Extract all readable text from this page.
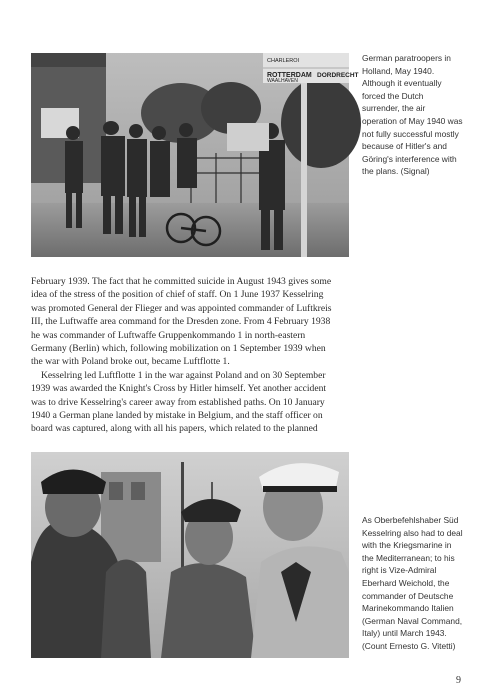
CHARLEROI
ROTTERDAM
WAALHAVEN
DORDRECHT
German paratroopers in
Holland, May 1940.
Although it eventually
forced the Dutch
surrender, the air
operation of May 1940 was
not fully successful mostly
because of Hitler's and
Göring's interference with
the plans. (Signal)
February 1939. The fact that he committed suicide in August 1943 gives some
idea of the stress of the position of chief of staff. On 1 June 1937 Kesselring
was promoted General der Flieger and was appointed commander of Luftkreis
III, the Luftwaffe area command for the Dresden zone. From 4 February 1938
he was commander of Luftwaffe Gruppenkommando 1 in north-eastern
Germany (Berlin) which, following mobilization on 1 September 1939 when
the war with Poland broke out, became Luftflotte 1.
Kesselring led Luftflotte 1 in the war against Poland and on 30 September
1939 was awarded the Knight's Cross by Hitler himself. Yet another accident
was to drive Kesselring's career away from established paths. On 10 January
1940 a German plane landed by mistake in Belgium, and the staff officer on
board was captured, along with all his papers, which related to the planned
As Oberbefehlshaber Süd
Kesselring also had to deal
with the Kriegsmarine in
the Mediterranean; to his
right is Vize-Admiral
Eberhard Weichold, the
commander of Deutsche
Marinekommando Italien
(German Naval Command,
Italy) until March 1943.
(Count Ernesto G. Vitetti)
9
